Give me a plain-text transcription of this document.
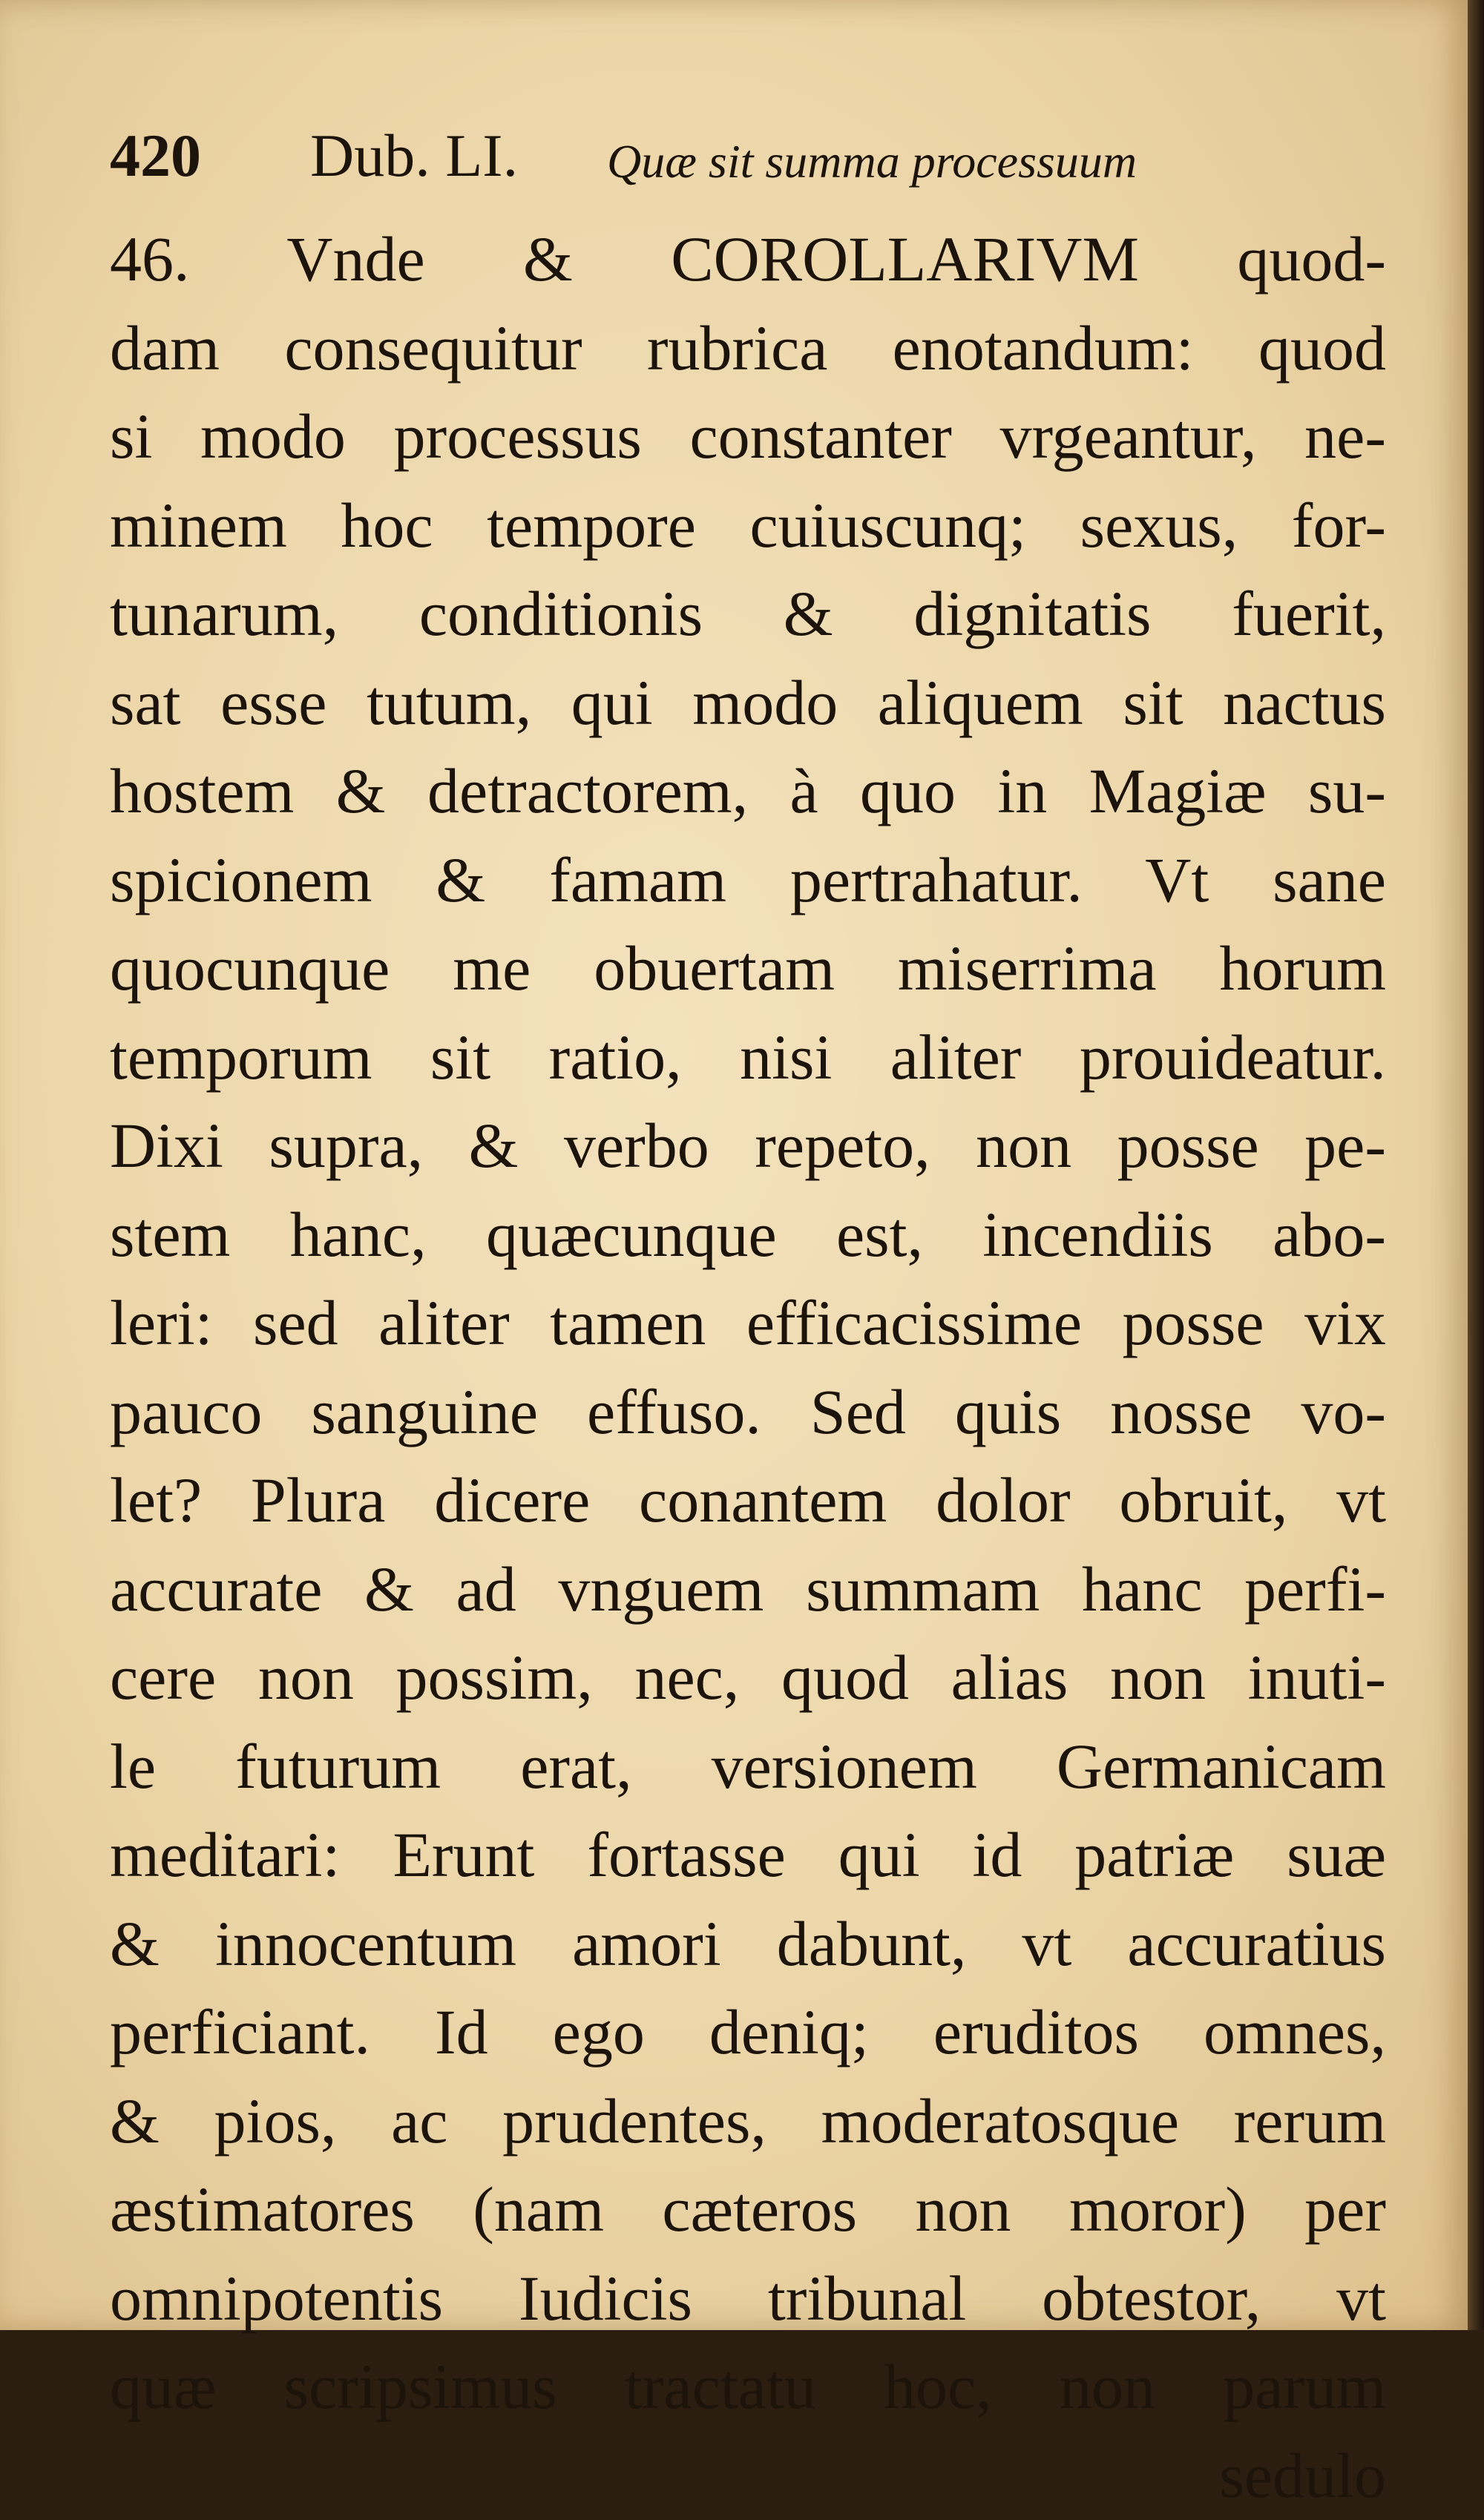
420 Dub. LI. Quæ sit summa processuum
46. Vnde & COROLLARIVM quod-
dam consequitur rubrica enotandum: quod
si modo processus constanter vrgeantur, ne-
minem hoc tempore cuiuscunq; sexus, for-
tunarum, conditionis & dignitatis fuerit,
sat esse tutum, qui modo aliquem sit nactus
hostem & detractorem, à quo in Magiæ su-
spicionem & famam pertrahatur. Vt sane
quocunque me obuertam miserrima horum
temporum sit ratio, nisi aliter prouideatur.
Dixi supra, & verbo repeto, non posse pe-
stem hanc, quæcunque est, incendiis abo-
leri: sed aliter tamen efficacissime posse vix
pauco sanguine effuso. Sed quis nosse vo-
let? Plura dicere conantem dolor obruit, vt
accurate & ad vnguem summam hanc perfi-
cere non possim, nec, quod alias non inuti-
le futurum erat, versionem Germanicam
meditari: Erunt fortasse qui id patriæ suæ
& innocentum amori dabunt, vt accuratius
perficiant. Id ego deniq; eruditos omnes,
& pios, ac prudentes, moderatosque rerum
æstimatores (nam cæteros non moror) per
omnipotentis Iudicis tribunal obtestor, vt
quæ scripsimus tractatu hoc, non parum
sedulo
